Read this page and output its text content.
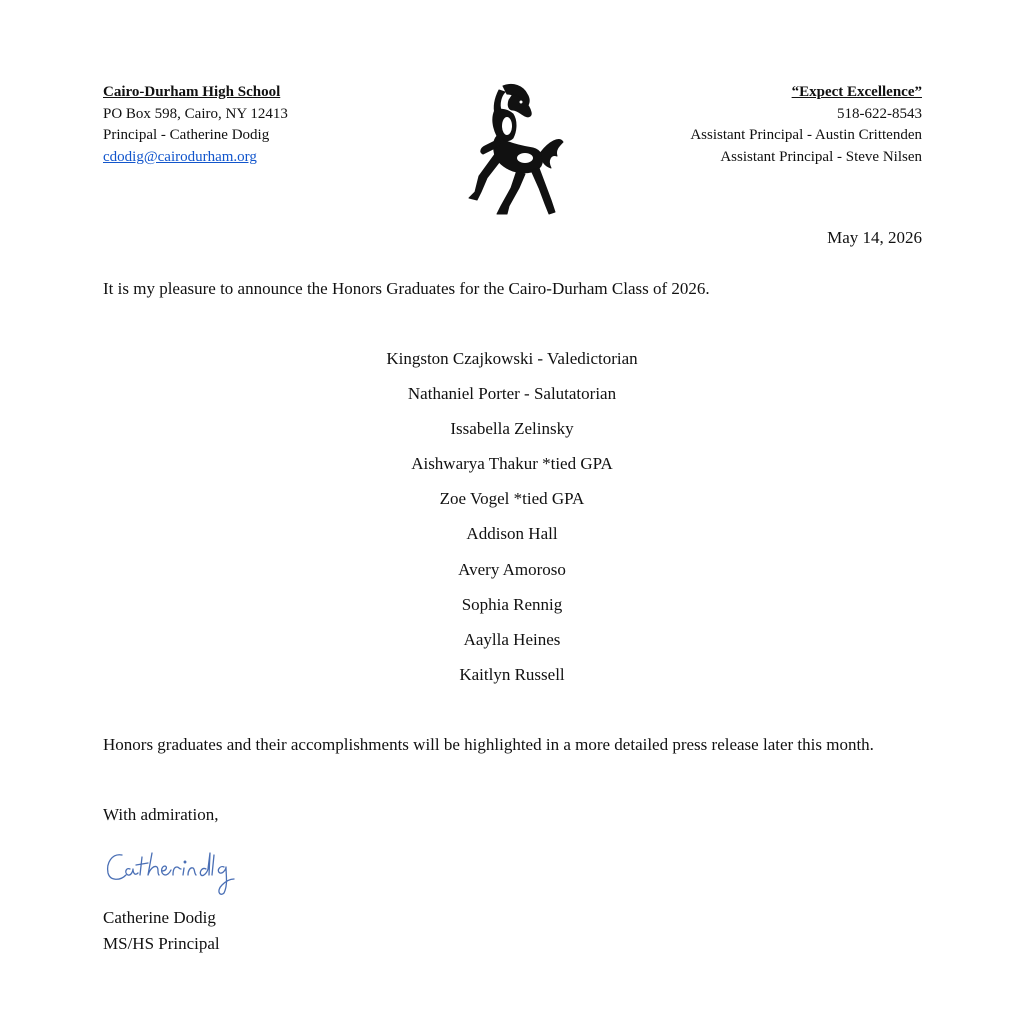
Cairo-Durham High School
PO Box 598, Cairo, NY 12413
Principal - Catherine Dodig
cdodig@cairodurham.org
“Expect Excellence”
518-622-8543
Assistant Principal - Austin Crittenden
Assistant Principal - Steve Nilsen
May 14, 2026
It is my pleasure to announce the Honors Graduates for the Cairo-Durham Class of 2026.
Kingston Czajkowski - Valedictorian
Nathaniel Porter - Salutatorian
Issabella Zelinsky
Aishwarya Thakur *tied GPA
Zoe Vogel *tied GPA
Addison Hall
Avery Amoroso
Sophia Rennig
Aaylla Heines
Kaitlyn Russell
Honors graduates and their accomplishments will be highlighted in a more detailed press release later this month.
With admiration,
Catherine Dodig
MS/HS Principal
